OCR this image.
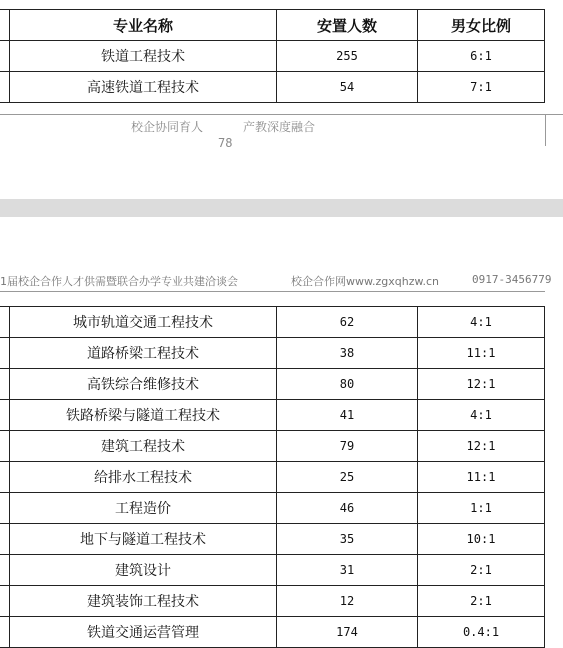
	专业名称	安置人数	男女比例
	铁道工程技术	255	6:1
	高速铁道工程技术	54	7:1
校企协同育人	产教深度融合
78
1届校企合作人才供需暨联合办学专业共建洽谈会	校企合作网www.zgxqhzw.cn	0917-3456779
	城市轨道交通工程技术	62	4:1
	道路桥梁工程技术	38	11:1
	高铁综合维修技术	80	12:1
	铁路桥梁与隧道工程技术	41	4:1
	建筑工程技术	79	12:1
	给排水工程技术	25	11:1
	工程造价	46	1:1
	地下与隧道工程技术	35	10:1
	建筑设计	31	2:1
	建筑装饰工程技术	12	2:1
	铁道交通运营管理	174	0.4:1
